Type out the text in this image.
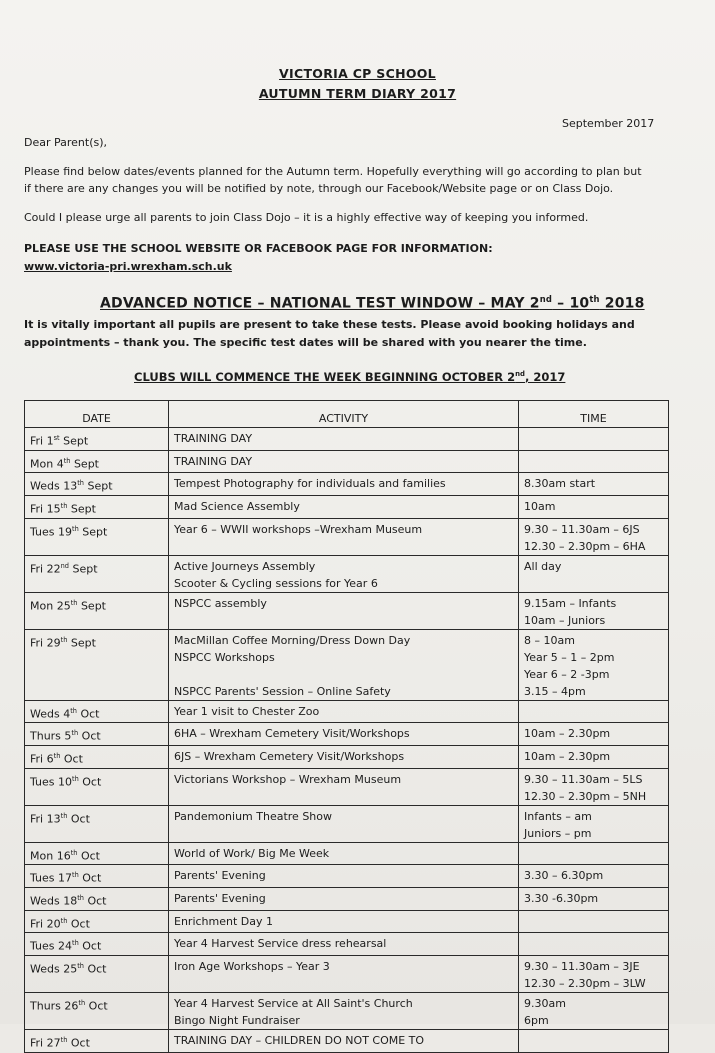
VICTORIA CP SCHOOL
AUTUMN TERM DIARY 2017
September 2017
Dear Parent(s),
Please find below dates/events planned for the Autumn term. Hopefully everything will go according to plan but
if there are any changes you will be notified by note, through our Facebook/Website page or on Class Dojo.
Could I please urge all parents to join Class Dojo – it is a highly effective way of keeping you informed.
PLEASE USE THE SCHOOL WEBSITE OR FACEBOOK PAGE FOR INFORMATION:
www.victoria-pri.wrexham.sch.uk
ADVANCED NOTICE – NATIONAL TEST WINDOW – MAY 2nd – 10th 2018
It is vitally important all pupils are present to take these tests. Please avoid booking holidays and
appointments – thank you. The specific test dates will be shared with you nearer the time.
CLUBS WILL COMMENCE THE WEEK BEGINNING OCTOBER 2nd, 2017
DATE	ACTIVITY	TIME
Fri 1st Sept	TRAINING DAY	

Mon 4th Sept	TRAINING DAY	

Weds 13th Sept	Tempest Photography for individuals and families	8.30am start

Fri 15th Sept	Mad Science Assembly	10am

Tues 19th Sept	Year 6 – WWII workshops –Wrexham Museum	9.30 – 11.30am – 6JS
12.30 – 2.30pm – 6HA

Fri 22nd Sept	Active Journeys Assembly
Scooter & Cycling sessions for Year 6	All day

Mon 25th Sept	NSPCC assembly	9.15am – Infants
10am – Juniors

Fri 29th Sept	MacMillan Coffee Morning/Dress Down Day
NSPCC Workshops
NSPCC Parents' Session – Online Safety	8 – 10am
Year 5 – 1 – 2pm
Year 6 – 2 -3pm
3.15 – 4pm

Weds 4th Oct	Year 1 visit to Chester Zoo	

Thurs 5th Oct	6HA – Wrexham Cemetery Visit/Workshops	10am – 2.30pm

Fri 6th Oct	6JS – Wrexham Cemetery Visit/Workshops	10am – 2.30pm

Tues 10th Oct	Victorians Workshop – Wrexham Museum	9.30 – 11.30am – 5LS
12.30 – 2.30pm – 5NH

Fri 13th Oct	Pandemonium Theatre Show	Infants – am
Juniors – pm

Mon 16th Oct	World of Work/ Big Me Week	

Tues 17th Oct	Parents' Evening	3.30 – 6.30pm

Weds 18th Oct	Parents' Evening	3.30 -6.30pm

Fri 20th Oct	Enrichment Day 1	

Tues 24th Oct	Year 4 Harvest Service dress rehearsal	

Weds 25th Oct	Iron Age Workshops – Year 3	9.30 – 11.30am – 3JE
12.30 – 2.30pm – 3LW

Thurs 26th Oct	Year 4 Harvest Service at All Saint's Church
Bingo Night Fundraiser	9.30am
6pm

Fri 27th Oct	TRAINING DAY – CHILDREN DO NOT COME TO	
